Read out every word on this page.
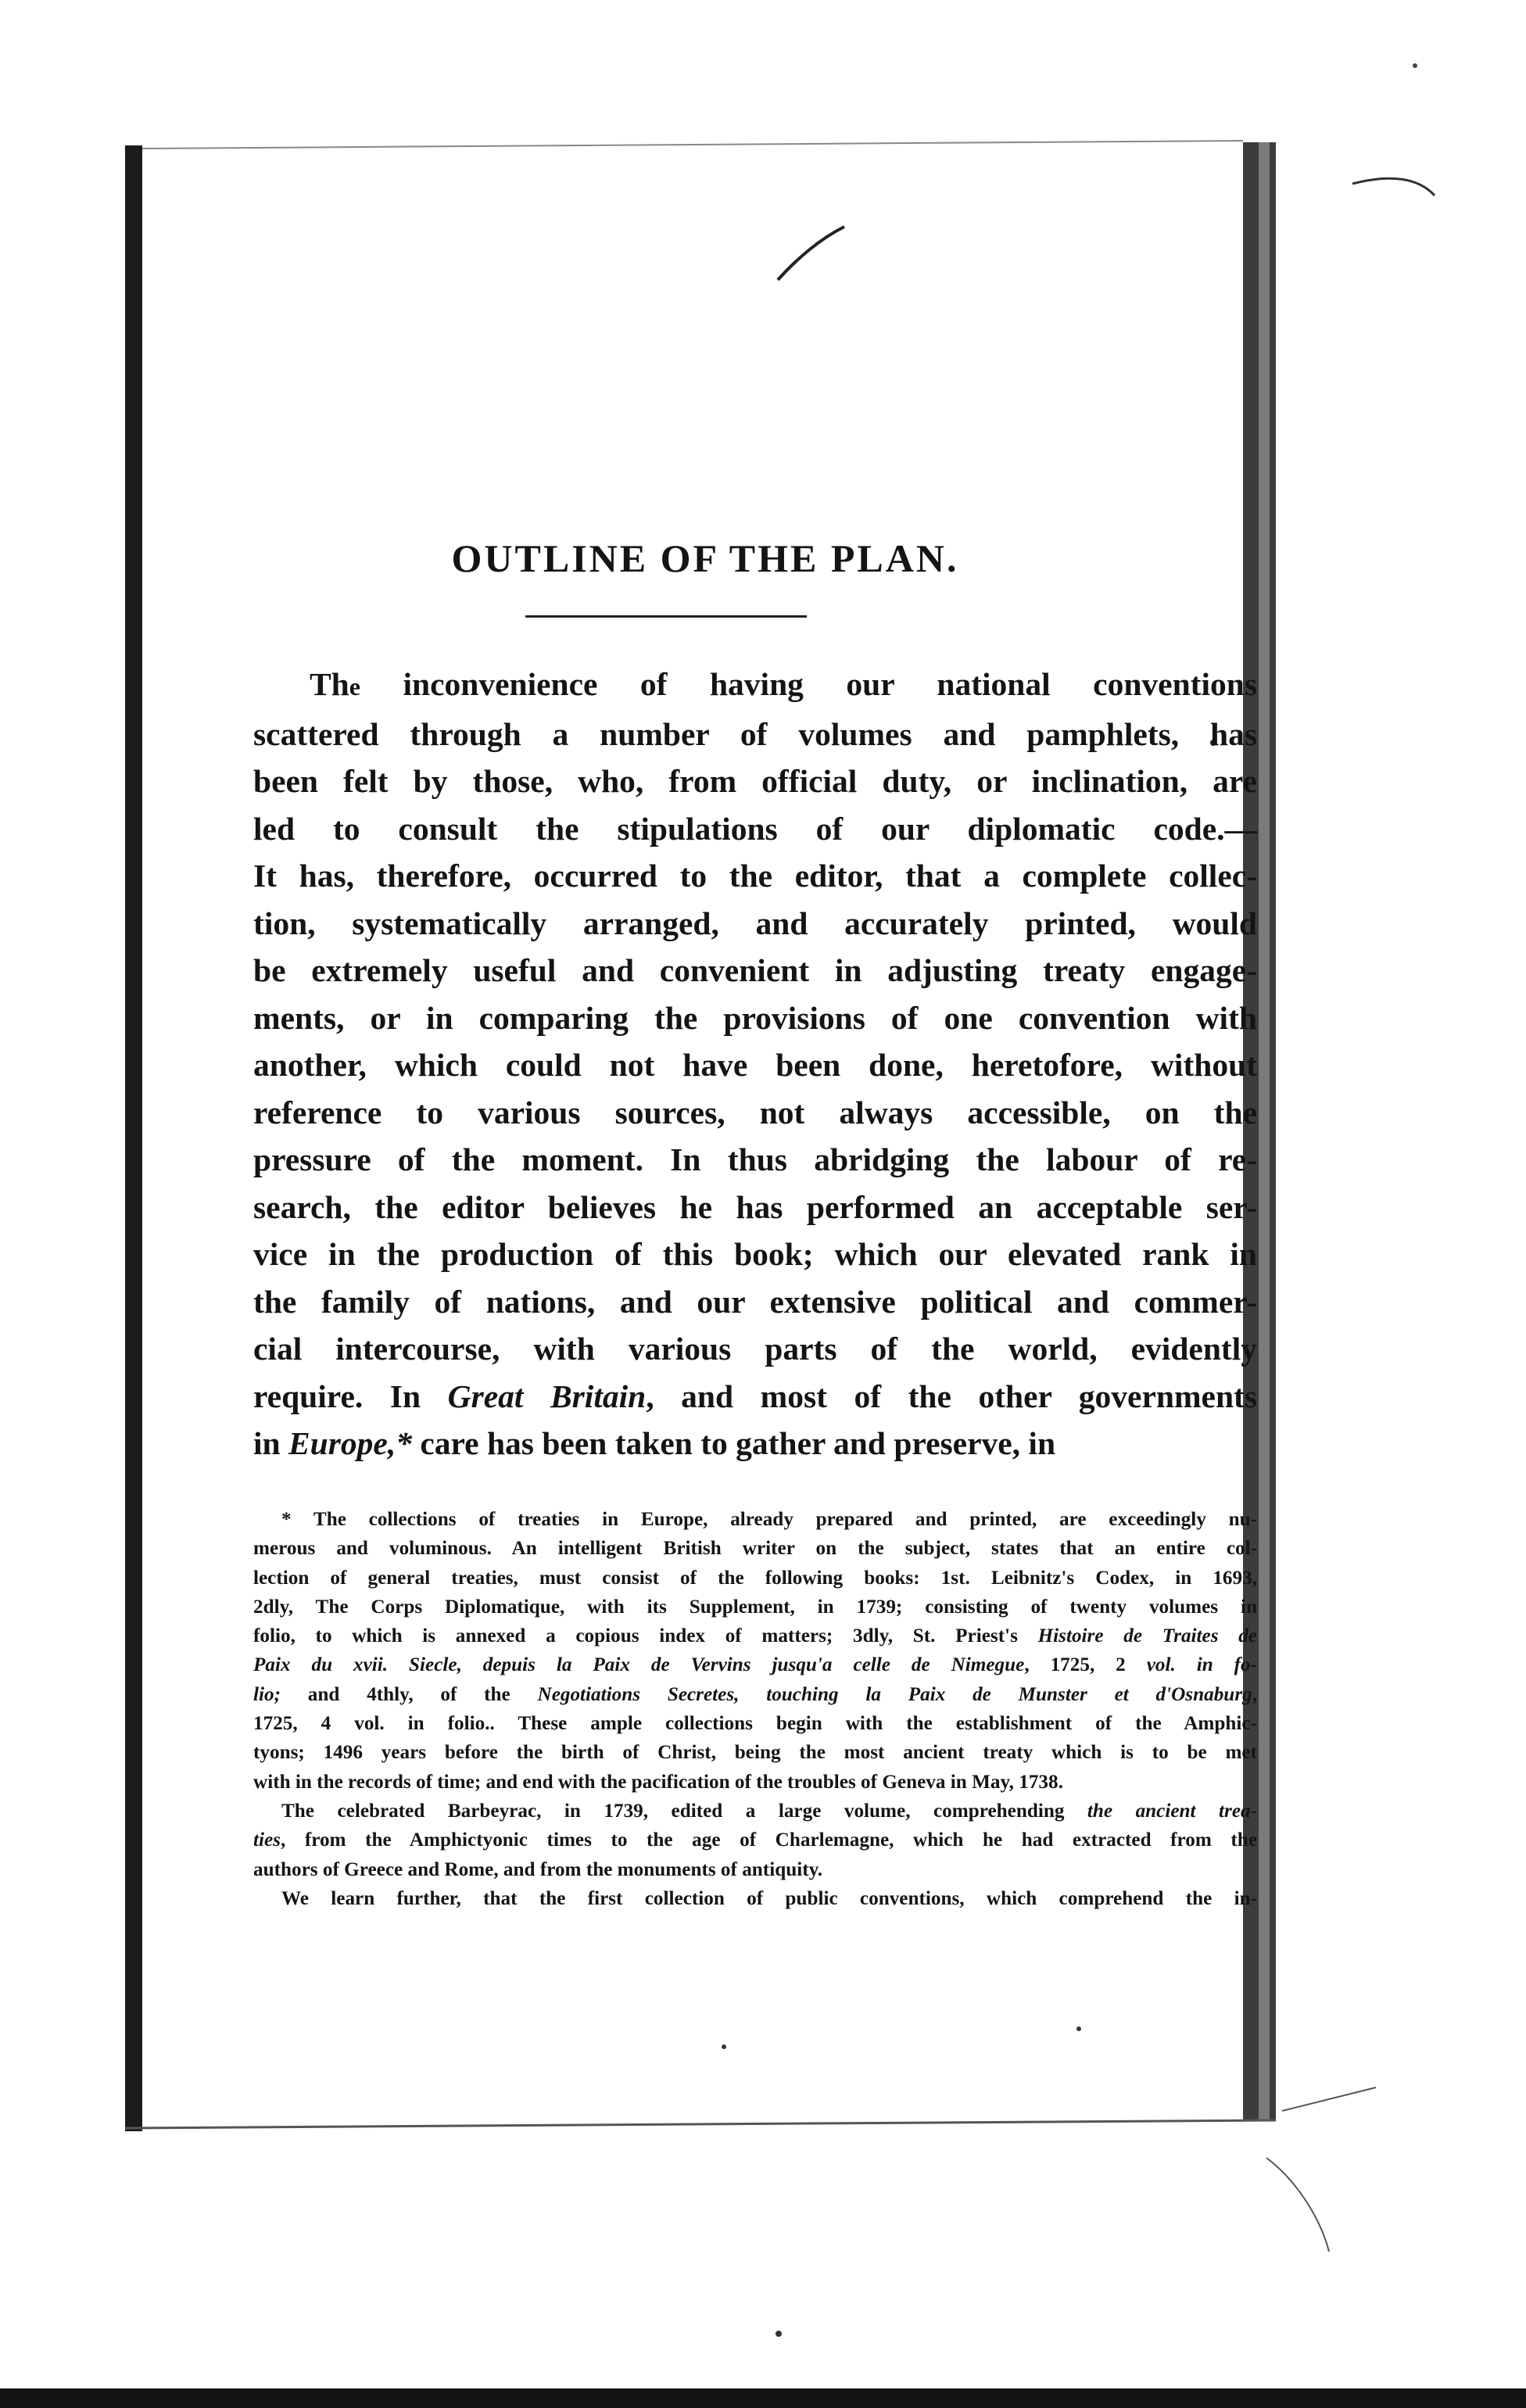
OUTLINE OF THE PLAN.
The inconvenience of having our national conventions
scattered through a number of volumes and pamphlets, has
been felt by those, who, from official duty, or inclination, are
led to consult the stipulations of our diplomatic code.—
It has, therefore, occurred to the editor, that a complete collec-
tion, systematically arranged, and accurately printed, would
be extremely useful and convenient in adjusting treaty engage-
ments, or in comparing the provisions of one convention with
another, which could not have been done, heretofore, without
reference to various sources, not always accessible, on the
pressure of the moment. In thus abridging the labour of re-
search, the editor believes he has performed an acceptable ser-
vice in the production of this book; which our elevated rank in
the family of nations, and our extensive political and commer-
cial intercourse, with various parts of the world, evidently
require. In Great Britain, and most of the other governments
in Europe,* care has been taken to gather and preserve, in
* The collections of treaties in Europe, already prepared and printed, are exceedingly nu-
merous and voluminous. An intelligent British writer on the subject, states that an entire col-
lection of general treaties, must consist of the following books: 1st. Leibnitz's Codex, in 1693,
2dly, The Corps Diplomatique, with its Supplement, in 1739; consisting of twenty volumes in
folio, to which is annexed a copious index of matters; 3dly, St. Priest's Histoire de Traites de
Paix du xvii. Siecle, depuis la Paix de Vervins jusqu'a celle de Nimegue, 1725, 2 vol. in fo-
lio; and 4thly, of the Negotiations Secretes, touching la Paix de Munster et d'Osnaburg,
1725, 4 vol. in folio.. These ample collections begin with the establishment of the Amphic-
tyons; 1496 years before the birth of Christ, being the most ancient treaty which is to be met
with in the records of time; and end with the pacification of the troubles of Geneva in May, 1738.
The celebrated Barbeyrac, in 1739, edited a large volume, comprehending the ancient trea-
ties, from the Amphictyonic times to the age of Charlemagne, which he had extracted from the
authors of Greece and Rome, and from the monuments of antiquity.
We learn further, that the first collection of public conventions, which comprehend the in-
